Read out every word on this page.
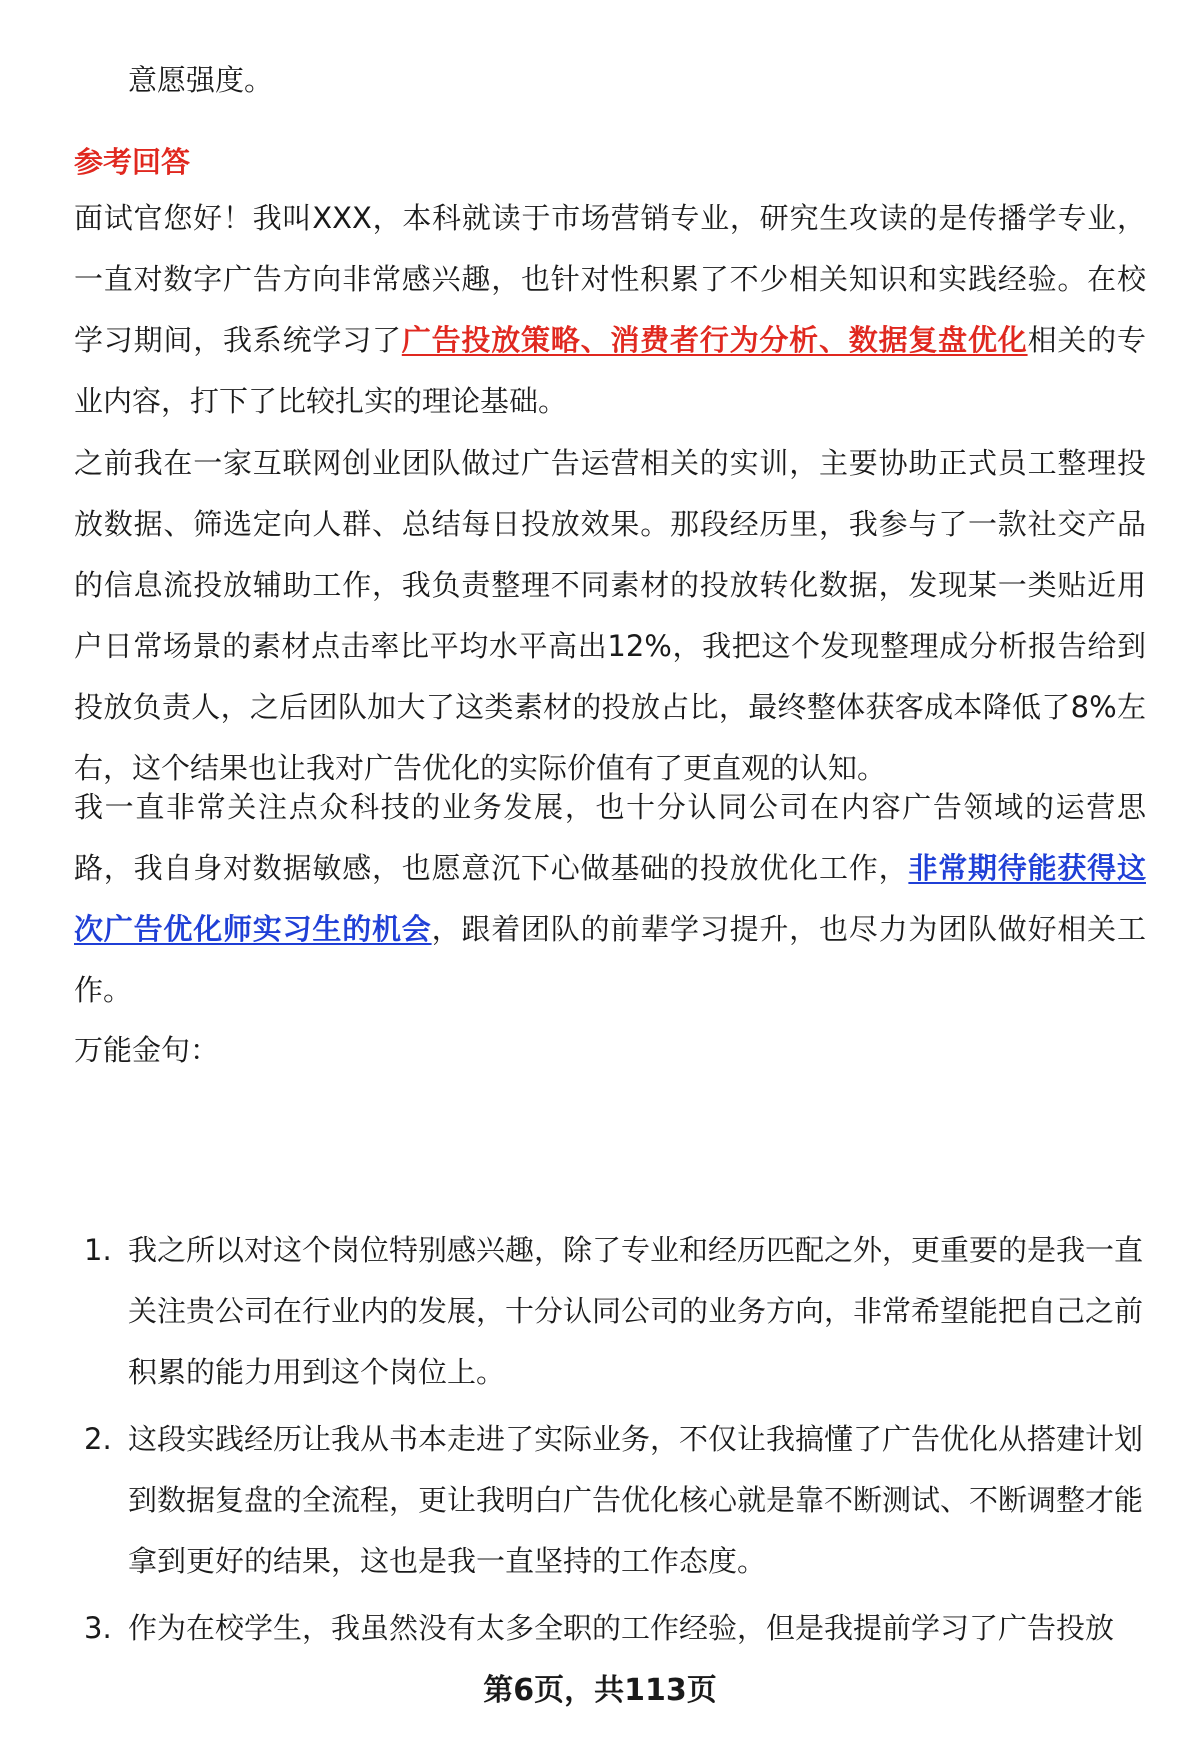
意愿强度。

参考回答

面试官您好！我叫XXX，本科就读于市场营销专业，研究生攻读的是传播学专业，一直对数字广告方向非常感兴趣，也针对性积累了不少相关知识和实践经验。在校学习期间，我系统学习了广告投放策略、消费者行为分析、数据复盘优化相关的专业内容，打下了比较扎实的理论基础。

之前我在一家互联网创业团队做过广告运营相关的实训，主要协助正式员工整理投放数据、筛选定向人群、总结每日投放效果。那段经历里，我参与了一款社交产品的信息流投放辅助工作，我负责整理不同素材的投放转化数据，发现某一类贴近用户日常场景的素材点击率比平均水平高出12%，我把这个发现整理成分析报告给到投放负责人，之后团队加大了这类素材的投放占比，最终整体获客成本降低了8%左右，这个结果也让我对广告优化的实际价值有了更直观的认知。

我一直非常关注点众科技的业务发展，也十分认同公司在内容广告领域的运营思路，我自身对数据敏感，也愿意沉下心做基础的投放优化工作，非常期待能获得这次广告优化师实习生的机会，跟着团队的前辈学习提升，也尽力为团队做好相关工作。

万能金句：

1. 我之所以对这个岗位特别感兴趣，除了专业和经历匹配之外，更重要的是我一直关注贵公司在行业内的发展，十分认同公司的业务方向，非常希望能把自己之前积累的能力用到这个岗位上。
2. 这段实践经历让我从书本走进了实际业务，不仅让我搞懂了广告优化从搭建计划到数据复盘的全流程，更让我明白广告优化核心就是靠不断测试、不断调整才能拿到更好的结果，这也是我一直坚持的工作态度。
3. 作为在校学生，我虽然没有太多全职的工作经验，但是我提前学习了广告投放
第6页，共113页
